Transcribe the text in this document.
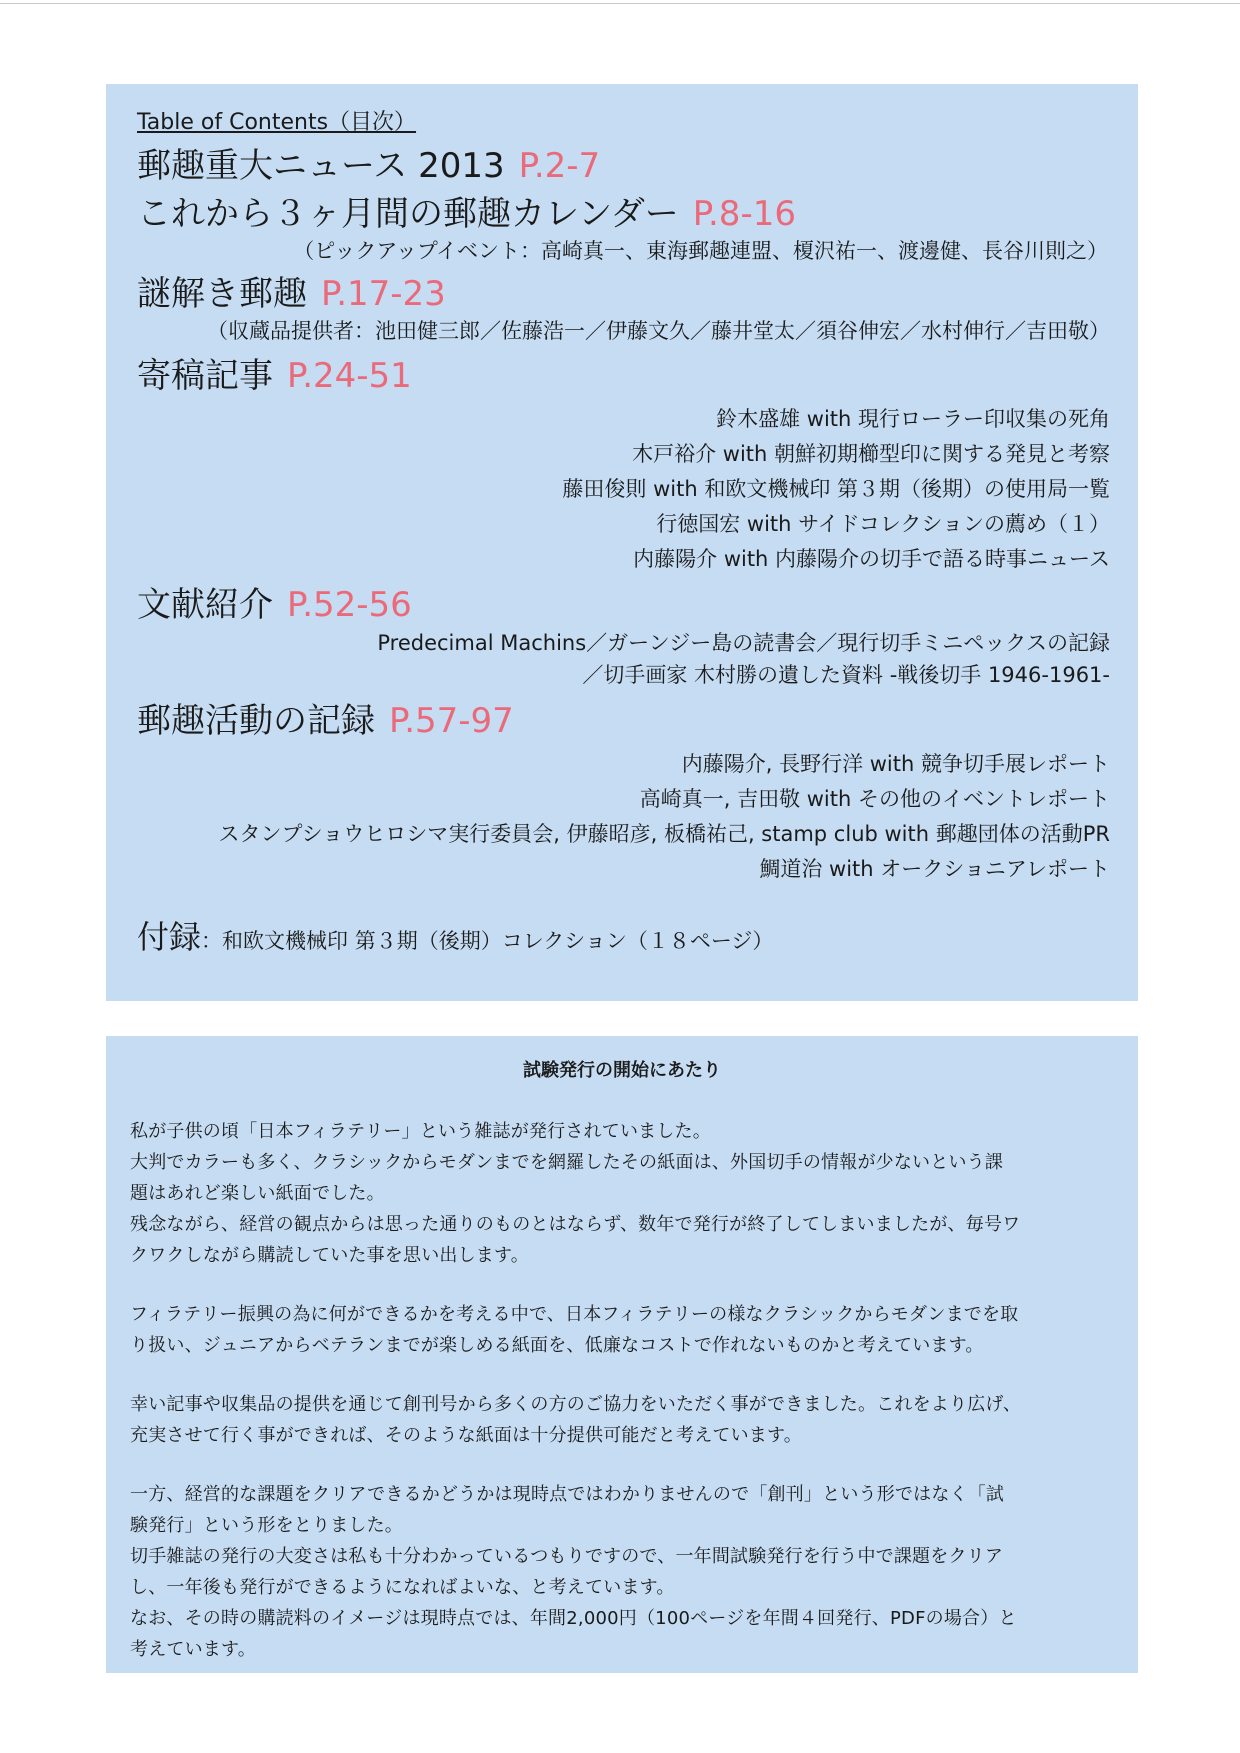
Table of Contents（目次）
郵趣重大ニュース 2013 P.2-7
これから３ヶ月間の郵趣カレンダー P.8-16
（ピックアップイベント：高崎真一、東海郵趣連盟、榎沢祐一、渡邊健、長谷川則之）
謎解き郵趣 P.17-23
（収蔵品提供者：池田健三郎／佐藤浩一／伊藤文久／藤井堂太／須谷伸宏／水村伸行／吉田敬）
寄稿記事 P.24-51
鈴木盛雄 with 現行ローラー印収集の死角
木戸裕介 with 朝鮮初期櫛型印に関する発見と考察
藤田俊則 with 和欧文機械印 第３期（後期）の使用局一覧
行徳国宏 with サイドコレクションの薦め（１）
内藤陽介 with 内藤陽介の切手で語る時事ニュース
文献紹介 P.52-56
Predecimal Machins／ガーンジー島の読書会／現行切手ミニペックスの記録
／切手画家 木村勝の遺した資料 -戦後切手 1946-1961-
郵趣活動の記録 P.57-97
内藤陽介, 長野行洋 with 競争切手展レポート
高崎真一, 吉田敬 with その他のイベントレポート
スタンプショウヒロシマ実行委員会, 伊藤昭彦, 板橋祐己, stamp club with 郵趣団体の活動PR
鯛道治 with オークショニアレポート
付録：和欧文機械印 第３期（後期）コレクション（１８ページ）
試験発行の開始にあたり
私が子供の頃「日本フィラテリー」という雑誌が発行されていました。
大判でカラーも多く、クラシックからモダンまでを網羅したその紙面は、外国切手の情報が少ないという課
題はあれど楽しい紙面でした。
残念ながら、経営の観点からは思った通りのものとはならず、数年で発行が終了してしまいましたが、毎号ワ
クワクしながら購読していた事を思い出します。
フィラテリー振興の為に何ができるかを考える中で、日本フィラテリーの様なクラシックからモダンまでを取
り扱い、ジュニアからベテランまでが楽しめる紙面を、低廉なコストで作れないものかと考えています。
幸い記事や収集品の提供を通じて創刊号から多くの方のご協力をいただく事ができました。これをより広げ、
充実させて行く事ができれば、そのような紙面は十分提供可能だと考えています。
一方、経営的な課題をクリアできるかどうかは現時点ではわかりませんので「創刊」という形ではなく「試
験発行」という形をとりました。
切手雑誌の発行の大変さは私も十分わかっているつもりですので、一年間試験発行を行う中で課題をクリア
し、一年後も発行ができるようになればよいな、と考えています。
なお、その時の購読料のイメージは現時点では、年間2,000円（100ページを年間４回発行、PDFの場合）と
考えています。
